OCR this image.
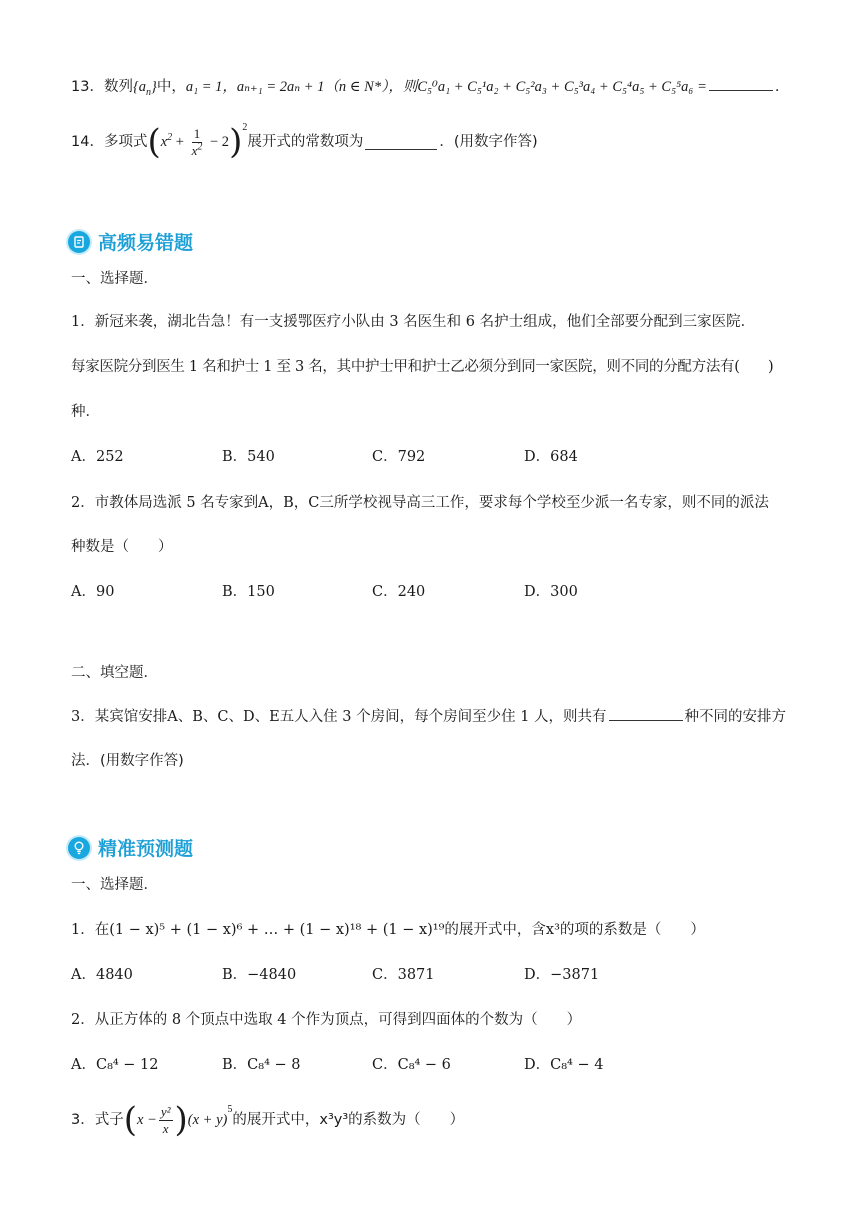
13．数列$\{a_n\}$中，a₁ = 1，aₙ₊₁ = 2aₙ + 1（n ∈ N*），则C₅⁰a₁ + C₅¹a₂ + C₅²a₃ + C₅³a₄ + C₅⁴a₅ + C₅⁵a₆ =	.
14．多项式 ( $x^2 + \frac{1}{x^2} - 2$ )$^2$
展开式的常数项为	．(用数字作答)
高频易错题
一、选择题．
1．新冠来袭，湖北告急！有一支援鄂医疗小队由 3 名医生和 6 名护士组成，他们全部要分配到三家医院．
每家医院分到医生 1 名和护士 1 至 3 名，其中护士甲和护士乙必须分到同一家医院，则不同的分配方法有(　　)
种．
A．252	B．540	C．792	D．684
2．市教体局选派 5 名专家到A，B，C三所学校视导高三工作，要求每个学校至少派一名专家，则不同的派法
种数是（　　）
A．90	B．150	C．240	D．300
二、填空题．
3．某宾馆安排A、B、C、D、E五人入住 3 个房间，每个房间至少住 1 人，则共有	种不同的安排方
法．(用数字作答)
精准预测题
一、选择题．
1．在(1 − x)⁵ + (1 − x)⁶ + … + (1 − x)¹⁸ + (1 − x)¹⁹的展开式中，含x³的项的系数是（　　）
A．4840	B．−4840	C．3871	D．−3871
2．从正方体的 8 个顶点中选取 4 个作为顶点，可得到四面体的个数为（　　）
A．C₈⁴ − 12	B．C₈⁴ − 8	C．C₈⁴ − 6	D．C₈⁴ − 4
3．式子 ( $x - \frac{\text{y²}}{x}$ ) (x + y)
$^5$
的展开式中，x³y³的系数为（　　）
